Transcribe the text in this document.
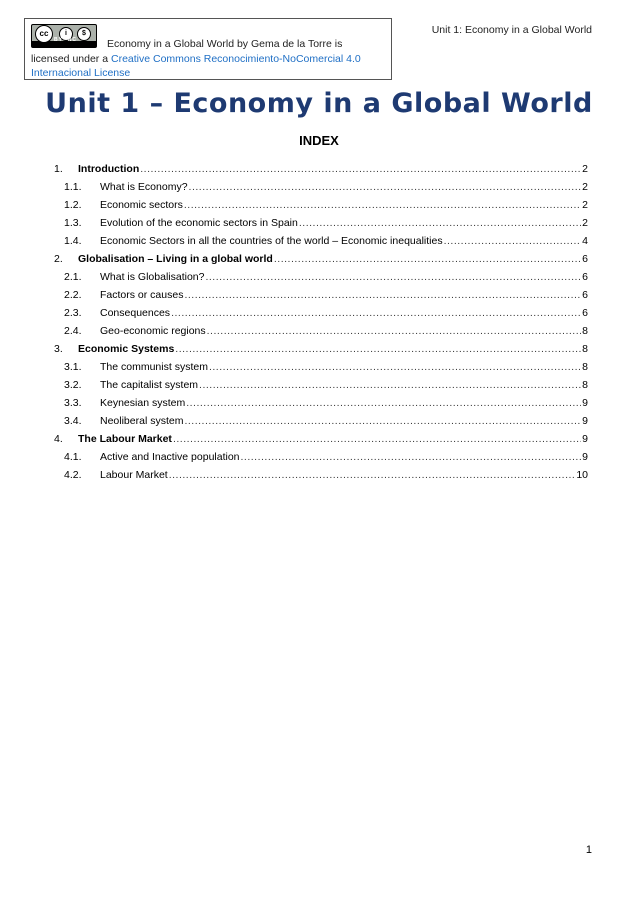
Unit 1: Economy in a Global World
cc	i	$
BY NC	Economy in a Global World by Gema de la Torre is
licensed under a Creative Commons Reconocimiento-NoComercial 4.0
Internacional License
Unit 1 – Economy in a Global World
INDEX
1.	Introduction .....	2
1.1.	What is Economy? .....	2
1.2.	Economic sectors .....	2
1.3.	Evolution of the economic sectors in Spain .....	2
1.4.	Economic Sectors in all the countries of the world – Economic inequalities .....	4
2.	Globalisation – Living in a global world .....	6
2.1.	What is Globalisation? .....	6
2.2.	Factors or causes .....	6
2.3.	Consequences .....	6
2.4.	Geo-economic regions .....	8
3.	Economic Systems .....	8
3.1.	The communist system .....	8
3.2.	The capitalist system .....	8
3.3.	Keynesian system .....	9
3.4.	Neoliberal system .....	9
4.	The Labour Market .....	9
4.1.	Active and Inactive population .....	9
4.2.	Labour Market .....	10
1
